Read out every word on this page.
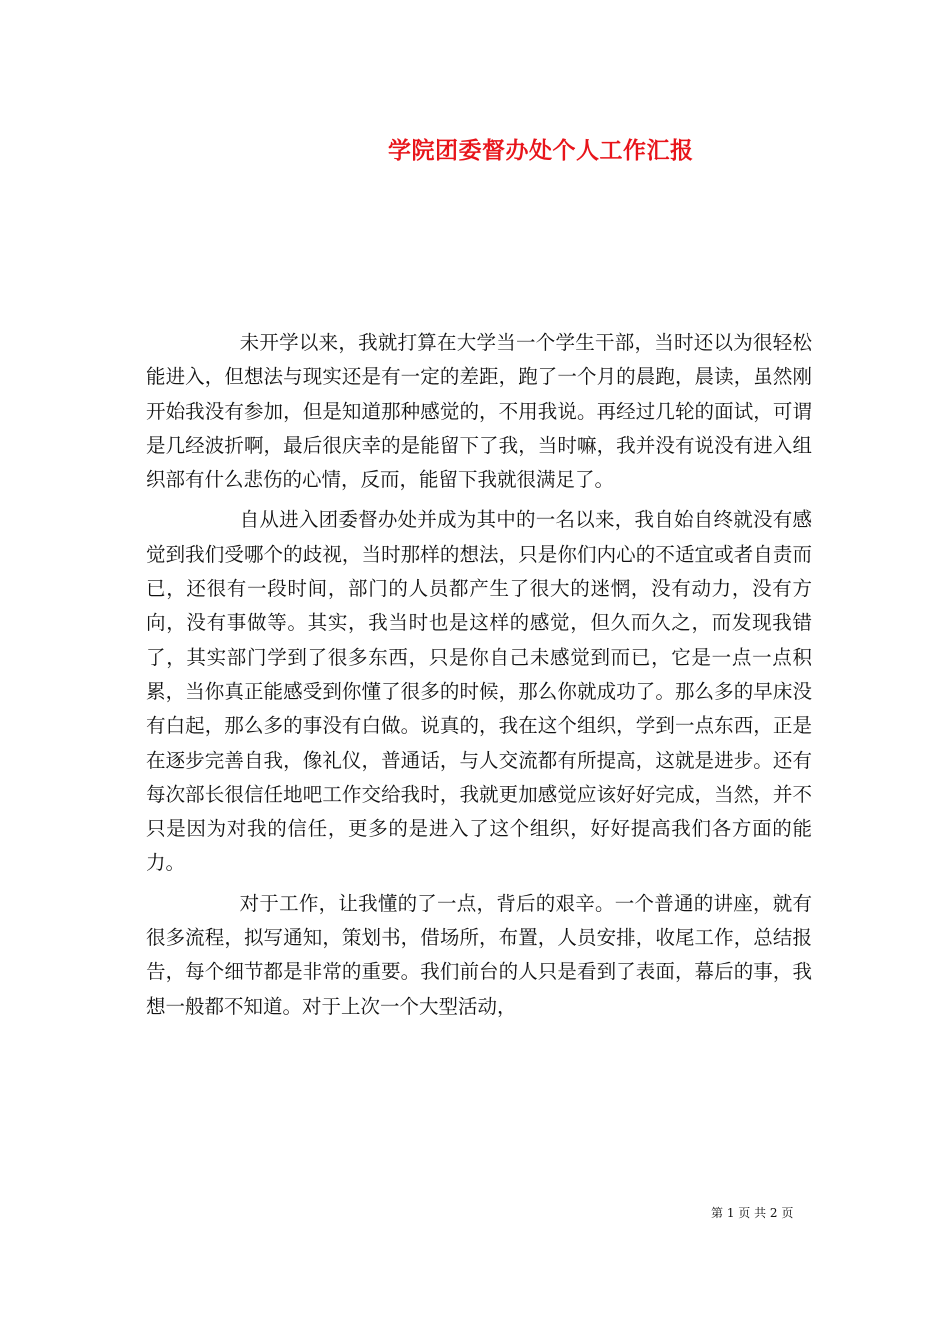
学院团委督办处个人工作汇报

未开学以来，我就打算在大学当一个学生干部，当时还以为很轻松能进入，但想法与现实还是有一定的差距，跑了一个月的晨跑，晨读，虽然刚开始我没有参加，但是知道那种感觉的，不用我说。再经过几轮的面试，可谓是几经波折啊，最后很庆幸的是能留下了我，当时嘛，我并没有说没有进入组织部有什么悲伤的心情，反而，能留下我就很满足了。

自从进入团委督办处并成为其中的一名以来，我自始自终就没有感觉到我们受哪个的歧视，当时那样的想法，只是你们内心的不适宜或者自责而已，还很有一段时间，部门的人员都产生了很大的迷惘，没有动力，没有方向，没有事做等。其实，我当时也是这样的感觉，但久而久之，而发现我错了，其实部门学到了很多东西，只是你自己未感觉到而已，它是一点一点积累，当你真正能感受到你懂了很多的时候，那么你就成功了。那么多的早床没有白起，那么多的事没有白做。说真的，我在这个组织，学到一点东西，正是在逐步完善自我，像礼仪，普通话，与人交流都有所提高，这就是进步。还有每次部长很信任地吧工作交给我时，我就更加感觉应该好好完成，当然，并不只是因为对我的信任，更多的是进入了这个组织，好好提高我们各方面的能力。

对于工作，让我懂的了一点，背后的艰辛。一个普通的讲座，就有很多流程，拟写通知，策划书，借场所，布置，人员安排，收尾工作，总结报告，每个细节都是非常的重要。我们前台的人只是看到了表面，幕后的事，我想一般都不知道。对于上次一个大型活动，

第 1 页 共 2 页
